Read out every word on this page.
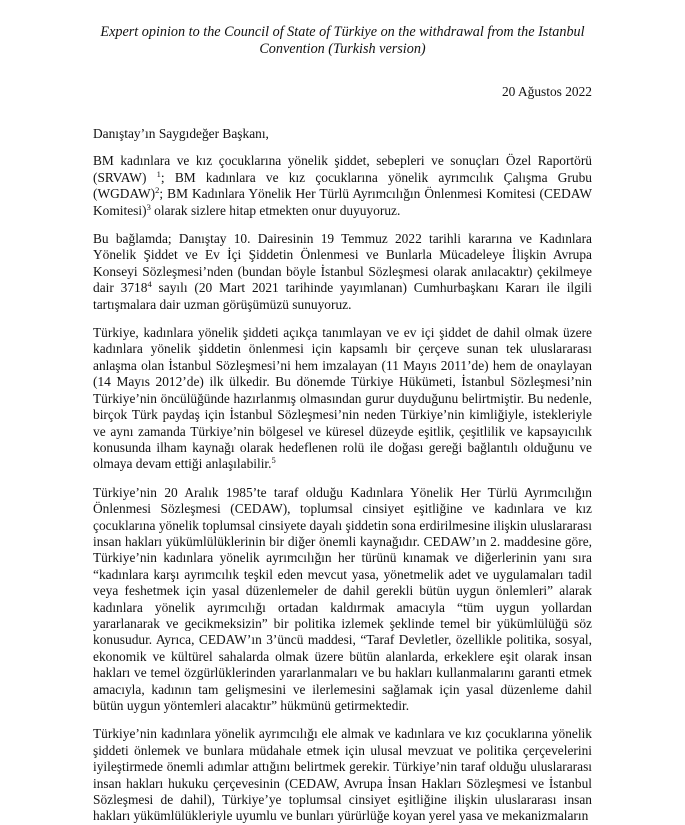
Expert opinion to the Council of State of Türkiye on the withdrawal from the Istanbul
Convention (Turkish version)
20 Ağustos 2022
Danıştay’ın Saygıdeğer Başkanı,

BM kadınlara ve kız çocuklarına yönelik şiddet, sebepleri ve sonuçları Özel Raportörü (SRVAW) $^1$; BM kadınlara ve kız çocuklarına yönelik ayrımcılık Çalışma Grubu (WGDAW)$^2$; BM Kadınlara Yönelik Her Türlü Ayrımcılığın Önlenmesi Komitesi (CEDAW Komitesi)$^3$ olarak sizlere hitap etmekten onur duyuyoruz.

Bu bağlamda; Danıştay 10. Dairesinin 19 Temmuz 2022 tarihli kararına ve Kadınlara Yönelik Şiddet ve Ev İçi Şiddetin Önlenmesi ve Bunlarla Mücadeleye İlişkin Avrupa Konseyi Sözleşmesi’nden (bundan böyle İstanbul Sözleşmesi olarak anılacaktır) çekilmeye dair 3718$^4$ sayılı (20 Mart 2021 tarihinde yayımlanan) Cumhurbaşkanı Kararı ile ilgili tartışmalara dair uzman görüşümüzü sunuyoruz.

Türkiye, kadınlara yönelik şiddeti açıkça tanımlayan ve ev içi şiddet de dahil olmak üzere kadınlara yönelik şiddetin önlenmesi için kapsamlı bir çerçeve sunan tek uluslararası anlaşma olan İstanbul Sözleşmesi’ni hem imzalayan (11 Mayıs 2011’de) hem de onaylayan (14 Mayıs 2012’de) ilk ülkedir. Bu dönemde Türkiye Hükümeti, İstanbul Sözleşmesi’nin Türkiye’nin öncülüğünde hazırlanmış olmasından gurur duyduğunu belirtmiştir. Bu nedenle, birçok Türk paydaş için İstanbul Sözleşmesi’nin neden Türkiye’nin kimliğiyle, istekleriyle ve aynı zamanda Türkiye’nin bölgesel ve küresel düzeyde eşitlik, çeşitlilik ve kapsayıcılık konusunda ilham kaynağı olarak hedeflenen rolü ile doğası gereği bağlantılı olduğunu ve olmaya devam ettiği anlaşılabilir.$^5$

Türkiye’nin 20 Aralık 1985’te taraf olduğu Kadınlara Yönelik Her Türlü Ayrımcılığın Önlenmesi Sözleşmesi (CEDAW), toplumsal cinsiyet eşitliğine ve kadınlara ve kız çocuklarına yönelik toplumsal cinsiyete dayalı şiddetin sona erdirilmesine ilişkin uluslararası insan hakları yükümlülüklerinin bir diğer önemli kaynağıdır. CEDAW’ın 2. maddesine göre, Türkiye’nin kadınlara yönelik ayrımcılığın her türünü kınamak ve diğerlerinin yanı sıra “kadınlara karşı ayrımcılık teşkil eden mevcut yasa, yönetmelik adet ve uygulamaları tadil veya feshetmek için yasal düzenlemeler de dahil gerekli bütün uygun önlemleri” alarak kadınlara yönelik ayrımcılığı ortadan kaldırmak amacıyla “tüm uygun yollardan yararlanarak ve gecikmeksizin” bir politika izlemek şeklinde temel bir yükümlülüğü söz konusudur. Ayrıca, CEDAW’ın 3’üncü maddesi, “Taraf Devletler, özellikle politika, sosyal, ekonomik ve kültürel sahalarda olmak üzere bütün alanlarda, erkeklere eşit olarak insan hakları ve temel özgürlüklerinden yararlanmaları ve bu hakları kullanmalarını garanti etmek amacıyla, kadının tam gelişmesini ve ilerlemesini sağlamak için yasal düzenleme dahil bütün uygun yöntemleri alacaktır” hükmünü getirmektedir.

Türkiye’nin kadınlara yönelik ayrımcılığı ele almak ve kadınlara ve kız çocuklarına yönelik şiddeti önlemek ve bunlara müdahale etmek için ulusal mevzuat ve politika çerçevelerini iyileştirmede önemli adımlar attığını belirtmek gerekir. Türkiye’nin taraf olduğu uluslararası insan hakları hukuku çerçevesinin (CEDAW, Avrupa İnsan Hakları Sözleşmesi ve İstanbul Sözleşmesi de dahil), Türkiye’ye toplumsal cinsiyet eşitliğine ilişkin uluslararası insan hakları yükümlülükleriyle uyumlu ve bunları yürürlüğe koyan yerel yasa ve mekanizmaların
